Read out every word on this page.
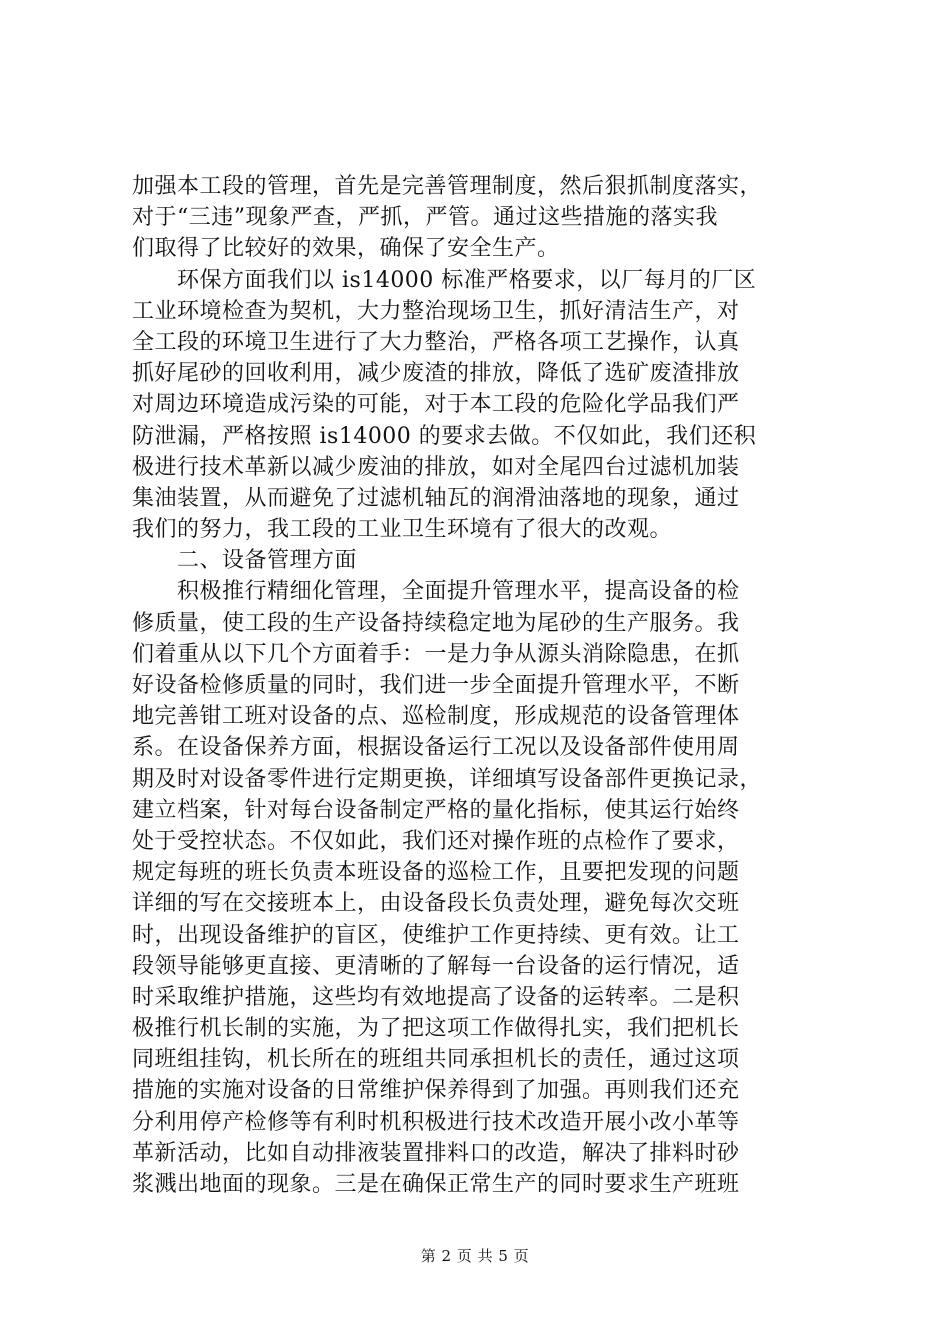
加强本工段的管理，首先是完善管理制度，然后狠抓制度落实，
对于“三违”现象严查，严抓，严管。通过这些措施的落实我
们取得了比较好的效果，确保了安全生产。
　　环保方面我们以 is14000 标准严格要求，以厂每月的厂区
工业环境检查为契机，大力整治现场卫生，抓好清洁生产，对
全工段的环境卫生进行了大力整治，严格各项工艺操作，认真
抓好尾砂的回收利用，减少废渣的排放，降低了选矿废渣排放
对周边环境造成污染的可能，对于本工段的危险化学品我们严
防泄漏，严格按照 is14000 的要求去做。不仅如此，我们还积
极进行技术革新以减少废油的排放，如对全尾四台过滤机加装
集油装置，从而避免了过滤机轴瓦的润滑油落地的现象，通过
我们的努力，我工段的工业卫生环境有了很大的改观。
　　二、设备管理方面
　　积极推行精细化管理，全面提升管理水平，提高设备的检
修质量，使工段的生产设备持续稳定地为尾砂的生产服务。我
们着重从以下几个方面着手：一是力争从源头消除隐患，在抓
好设备检修质量的同时，我们进一步全面提升管理水平，不断
地完善钳工班对设备的点、巡检制度，形成规范的设备管理体
系。在设备保养方面，根据设备运行工况以及设备部件使用周
期及时对设备零件进行定期更换，详细填写设备部件更换记录，
建立档案，针对每台设备制定严格的量化指标，使其运行始终
处于受控状态。不仅如此，我们还对操作班的点检作了要求，
规定每班的班长负责本班设备的巡检工作，且要把发现的问题
详细的写在交接班本上，由设备段长负责处理，避免每次交班
时，出现设备维护的盲区，使维护工作更持续、更有效。让工
段领导能够更直接、更清晰的了解每一台设备的运行情况，适
时采取维护措施，这些均有效地提高了设备的运转率。二是积
极推行机长制的实施，为了把这项工作做得扎实，我们把机长
同班组挂钩，机长所在的班组共同承担机长的责任，通过这项
措施的实施对设备的日常维护保养得到了加强。再则我们还充
分利用停产检修等有利时机积极进行技术改造开展小改小革等
革新活动，比如自动排液装置排料口的改造，解决了排料时砂
浆溅出地面的现象。三是在确保正常生产的同时要求生产班班
第 2 页 共 5 页
